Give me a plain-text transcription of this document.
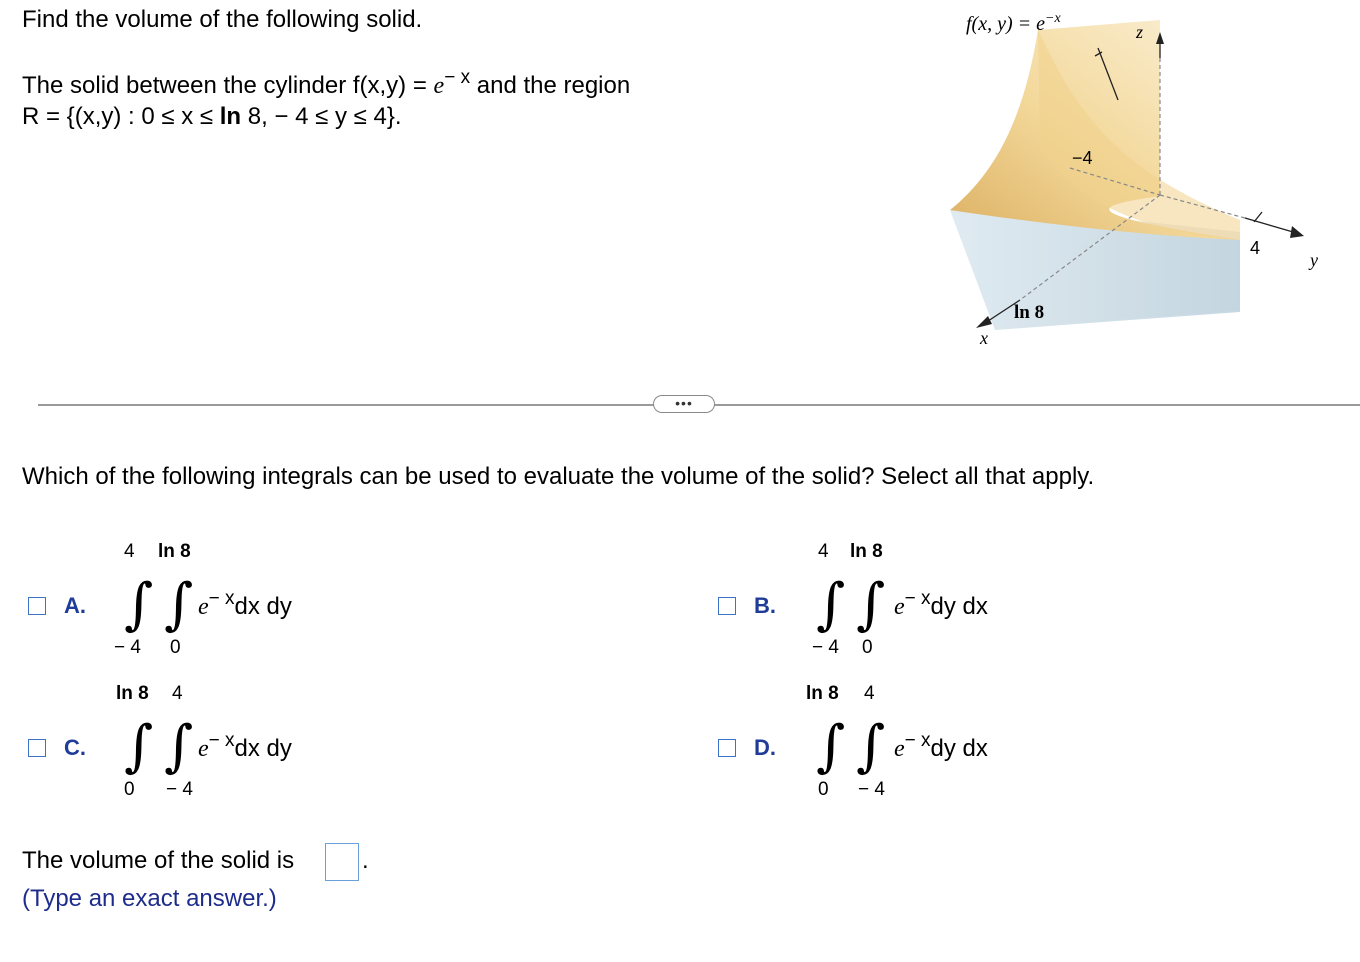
Find the volume of the following solid.
The solid between the cylinder $f(x,y) = e^{- x}$ and the region
R = {(x,y) : 0 ≤ x ≤ ln 8, − 4 ≤ y ≤ 4}.
f(x, $y) = e^{-x}$
z
y
x
−4
4
ln 8
•••
Which of the following integrals can be used to evaluate the volume of the solid? Select all that apply.
A.
4 ln 8
∫ ∫
− 4 0
$e^{- x}dx$ dy	B.
4 ln 8
∫ ∫
− 4 0
$e^{- x}dy$ dx
C.
ln 8 4
∫ ∫
0 − 4
$e^{- x}dx$ dy	D.
ln 8 4
∫ ∫
0 − 4
$e^{- x}dy$ dx
The volume of the solid is	.
(Type an exact answer.)
